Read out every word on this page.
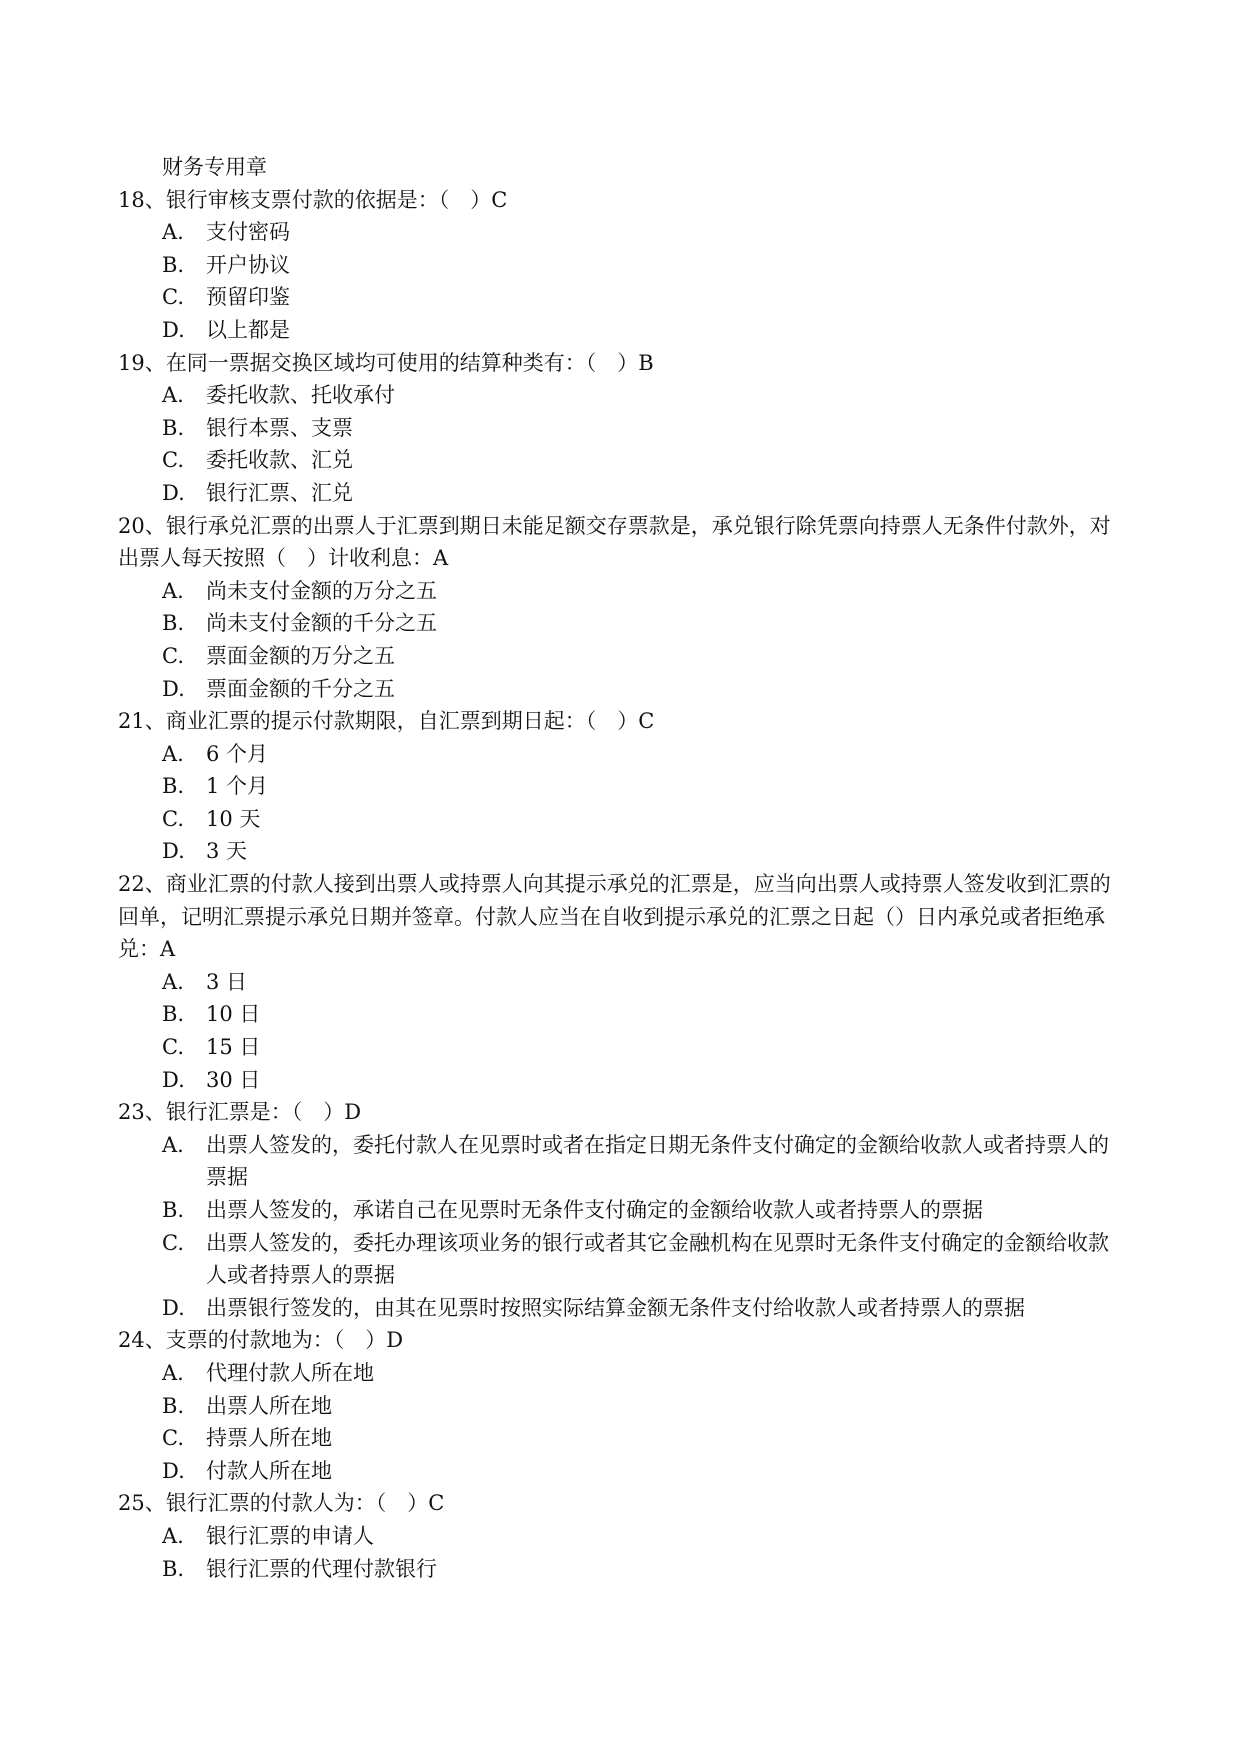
财务专用章
18、银行审核支票付款的依据是：（　）C
A.	支付密码
B.	开户协议
C.	预留印鉴
D.	以上都是
19、在同一票据交换区域均可使用的结算种类有：（　）B
A.	委托收款、托收承付
B.	银行本票、支票
C.	委托收款、汇兑
D.	银行汇票、汇兑
20、银行承兑汇票的出票人于汇票到期日未能足额交存票款是，承兑银行除凭票向持票人无条件付款外，对出票人每天按照（　）计收利息：A
A.	尚未支付金额的万分之五
B.	尚未支付金额的千分之五
C.	票面金额的万分之五
D.	票面金额的千分之五
21、商业汇票的提示付款期限，自汇票到期日起：（　）C
A.	6 个月
B.	1 个月
C.	10 天
D.	3 天
22、商业汇票的付款人接到出票人或持票人向其提示承兑的汇票是，应当向出票人或持票人签发收到汇票的回单，记明汇票提示承兑日期并签章。付款人应当在自收到提示承兑的汇票之日起（）日内承兑或者拒绝承兑：A
A.	3 日
B.	10 日
C.	15 日
D.	30 日
23、银行汇票是：（　）D
A.	出票人签发的，委托付款人在见票时或者在指定日期无条件支付确定的金额给收款人或者持票人的票据
B.	出票人签发的，承诺自己在见票时无条件支付确定的金额给收款人或者持票人的票据
C.	出票人签发的，委托办理该项业务的银行或者其它金融机构在见票时无条件支付确定的金额给收款人或者持票人的票据
D.	出票银行签发的，由其在见票时按照实际结算金额无条件支付给收款人或者持票人的票据
24、支票的付款地为：（　）D
A.	代理付款人所在地
B.	出票人所在地
C.	持票人所在地
D.	付款人所在地
25、银行汇票的付款人为：（　）C
A.	银行汇票的申请人
B.	银行汇票的代理付款银行
